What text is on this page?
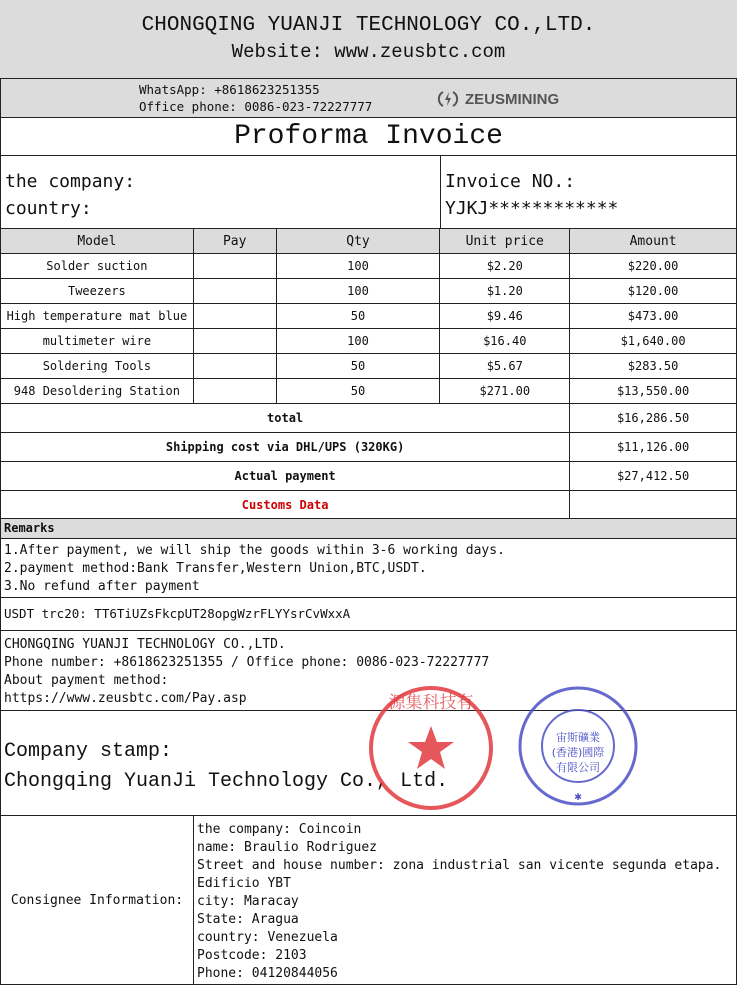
CHONGQING YUANJI TECHNOLOGY CO.,LTD.
Website: www.zeusbtc.com
WhatsApp: +8618623251355
Office phone: 0086-023-72227777	ZEUSMINING
Proforma Invoice
the company:
country:
Invoice NO.:
YJKJ************
Model	Pay	Qty	Unit price	Amount
Solder suction		100	$2.20	$220.00
Tweezers		100	$1.20	$120.00
High temperature mat blue		50	$9.46	$473.00
multimeter wire		100	$16.40	$1,640.00
Soldering Tools		50	$5.67	$283.50
948 Desoldering Station		50	$271.00	$13,550.00
total				$16,286.50
Shipping cost via DHL/UPS (320KG)				$11,126.00
Actual payment				$27,412.50
Customs Data				
Remarks
1.After payment, we will ship the goods within 3-6 working days.
2.payment method:Bank Transfer,Western Union,BTC,USDT.
3.No refund after payment
USDT trc20: TT6TiUZsFkcpUT28opgWzrFLYYsrCvWxxA
CHONGQING YUANJI TECHNOLOGY CO.,LTD.
Phone number: +8618623251355 / Office phone: 0086-023-72227777
About payment method:
https://www.zeusbtc.com/Pay.asp
Company stamp:
Chongqing YuanJi Technology Co., Ltd.
源集科技有
宙斯礦業
(香港)國際
有限公司
✱
Consignee Information:
the company: Coincoin
name: Braulio Rodriguez
Street and house number: zona industrial san vicente segunda etapa.
Edificio YBT
city: Maracay
State: Aragua
country: Venezuela
Postcode: 2103
Phone: 04120844056
